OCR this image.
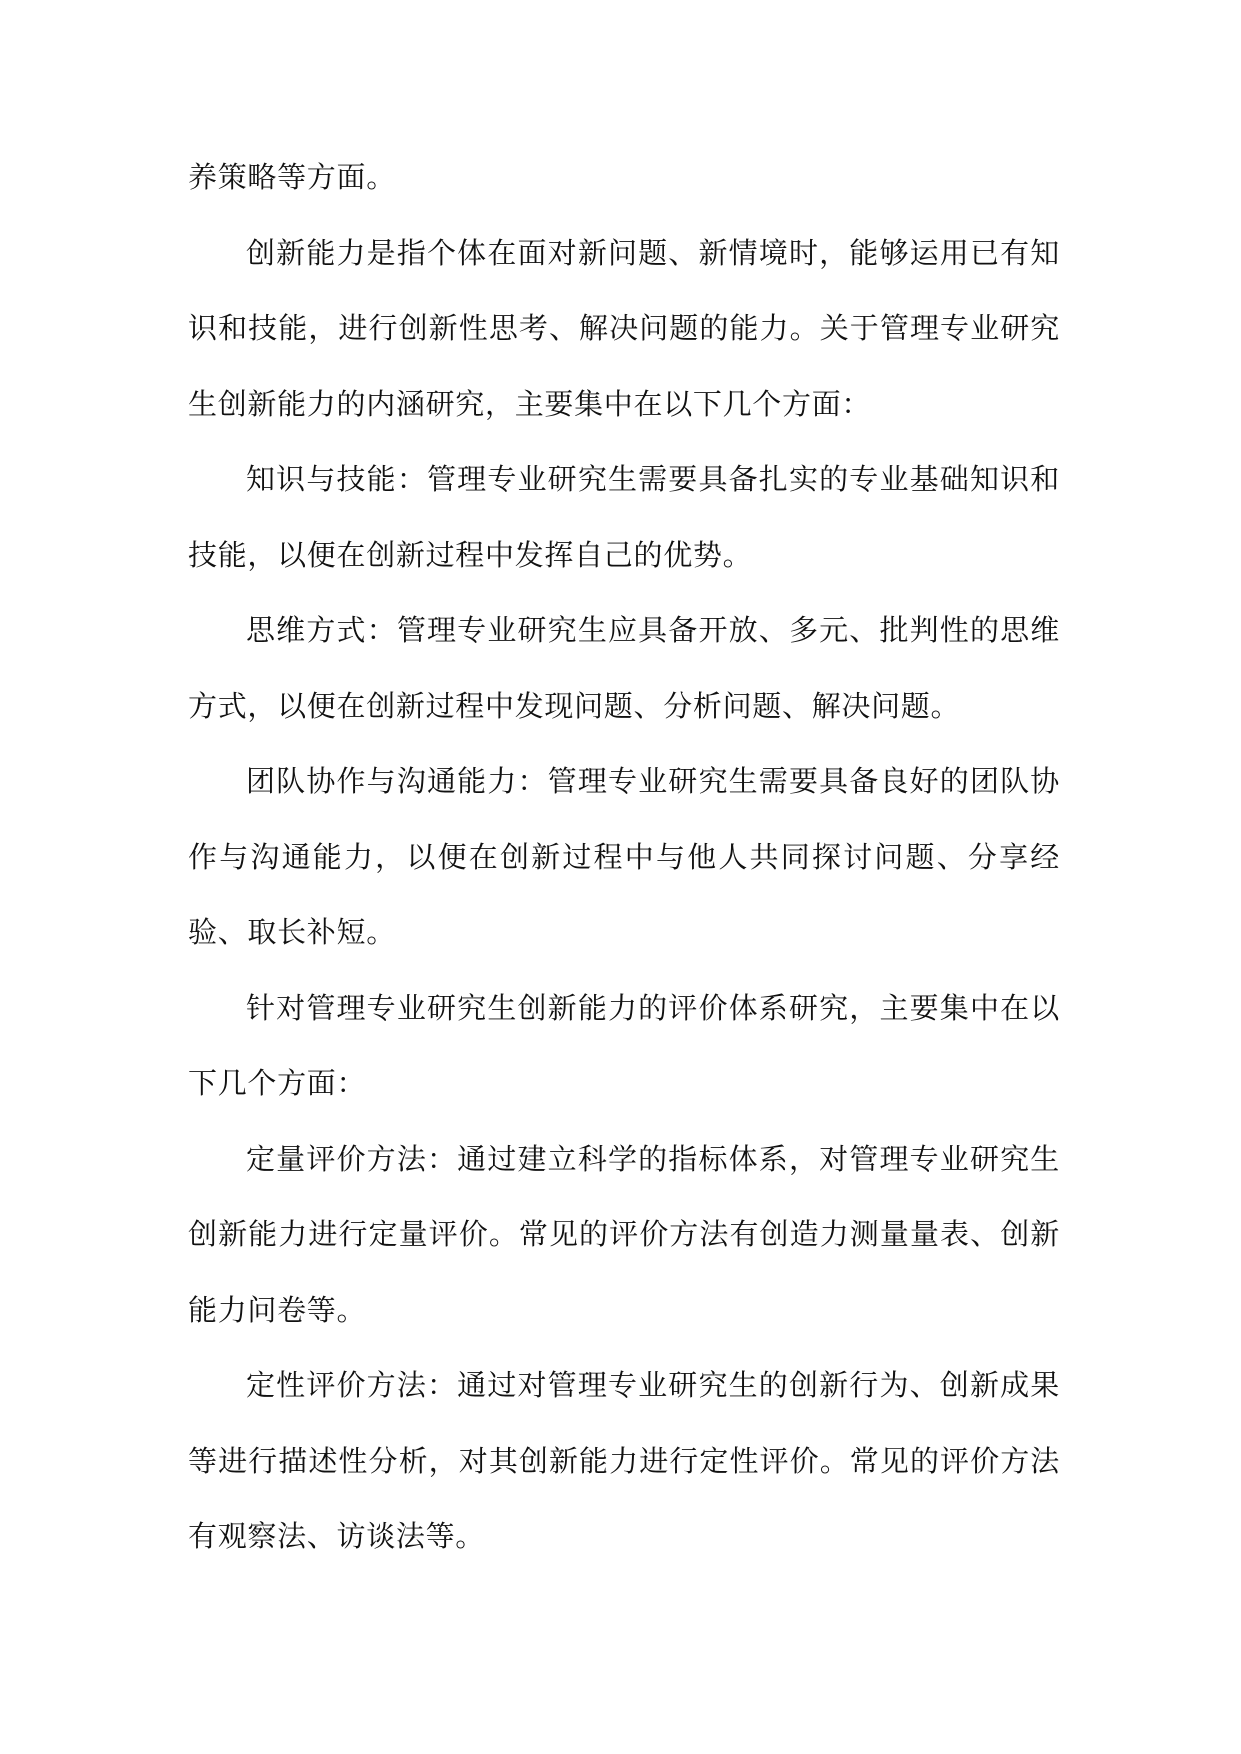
养策略等方面。

创新能力是指个体在面对新问题、新情境时，能够运用已有知识和技能，进行创新性思考、解决问题的能力。关于管理专业研究生创新能力的内涵研究，主要集中在以下几个方面：

知识与技能：管理专业研究生需要具备扎实的专业基础知识和技能，以便在创新过程中发挥自己的优势。

思维方式：管理专业研究生应具备开放、多元、批判性的思维方式，以便在创新过程中发现问题、分析问题、解决问题。

团队协作与沟通能力：管理专业研究生需要具备良好的团队协作与沟通能力，以便在创新过程中与他人共同探讨问题、分享经验、取长补短。

针对管理专业研究生创新能力的评价体系研究，主要集中在以下几个方面：

定量评价方法：通过建立科学的指标体系，对管理专业研究生创新能力进行定量评价。常见的评价方法有创造力测量量表、创新能力问卷等。

定性评价方法：通过对管理专业研究生的创新行为、创新成果等进行描述性分析，对其创新能力进行定性评价。常见的评价方法有观察法、访谈法等。
